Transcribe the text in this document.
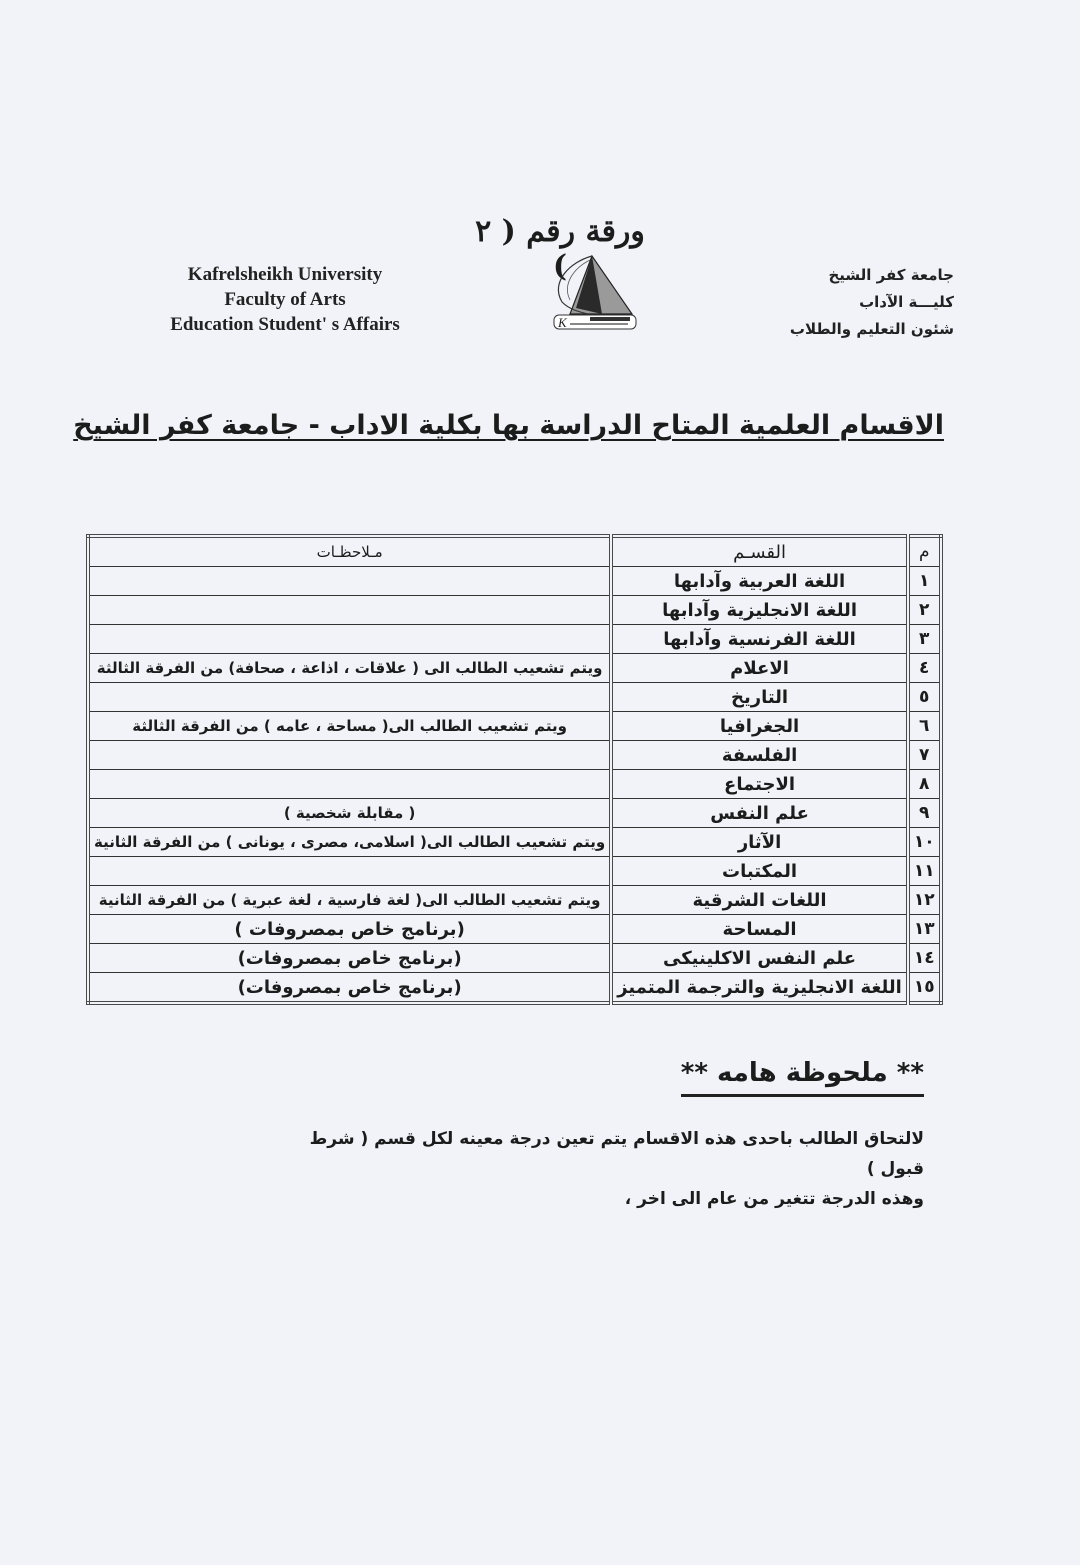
ورقة رقم ( ٢ )
Kafrelsheikh University
Faculty of Arts
Education Student' s Affairs	K
جامعة كفر الشيخ
كليـــة الآداب
شئون التعليم والطلاب
الاقسام العلمية المتاح الدراسة بها بكلية الاداب - جامعة كفر الشيخ
م	القسـم	مـلاحظـات
١	اللغة العربية وآدابها	
٢	اللغة الانجليزية وآدابها	
٣	اللغة الفرنسية وآدابها	
٤	الاعلام	ويتم تشعيب الطالب الى ( علاقات ، اذاعة ، صحافة) من الفرقة الثالثة
٥	التاريخ	
٦	الجغرافيا	ويتم تشعيب الطالب الى( مساحة ، عامه ) من الفرقة الثالثة
٧	الفلسفة	
٨	الاجتماع	
٩	علم النفس	( مقابلة شخصية )
١٠	الآثار	ويتم تشعيب الطالب الى( اسلامى، مصرى ، يونانى ) من الفرقة الثانية
١١	المكتبات	
١٢	اللغات الشرقية	ويتم تشعيب الطالب الى( لغة فارسية ، لغة عبرية ) من الفرقة الثانية
١٣	المساحة	(برنامج خاص بمصروفات )
١٤	علم النفس الاكلينيكى	(برنامج خاص بمصروفات)
١٥	اللغة الانجليزية والترجمة المتميز	(برنامج خاص بمصروفات)
** ملحوظة هامه **
لالتحاق الطالب باحدى هذه الاقسام يتم تعين درجة معينه لكل قسم ( شرط قبول )
وهذه الدرجة تتغير من عام الى اخر ،
